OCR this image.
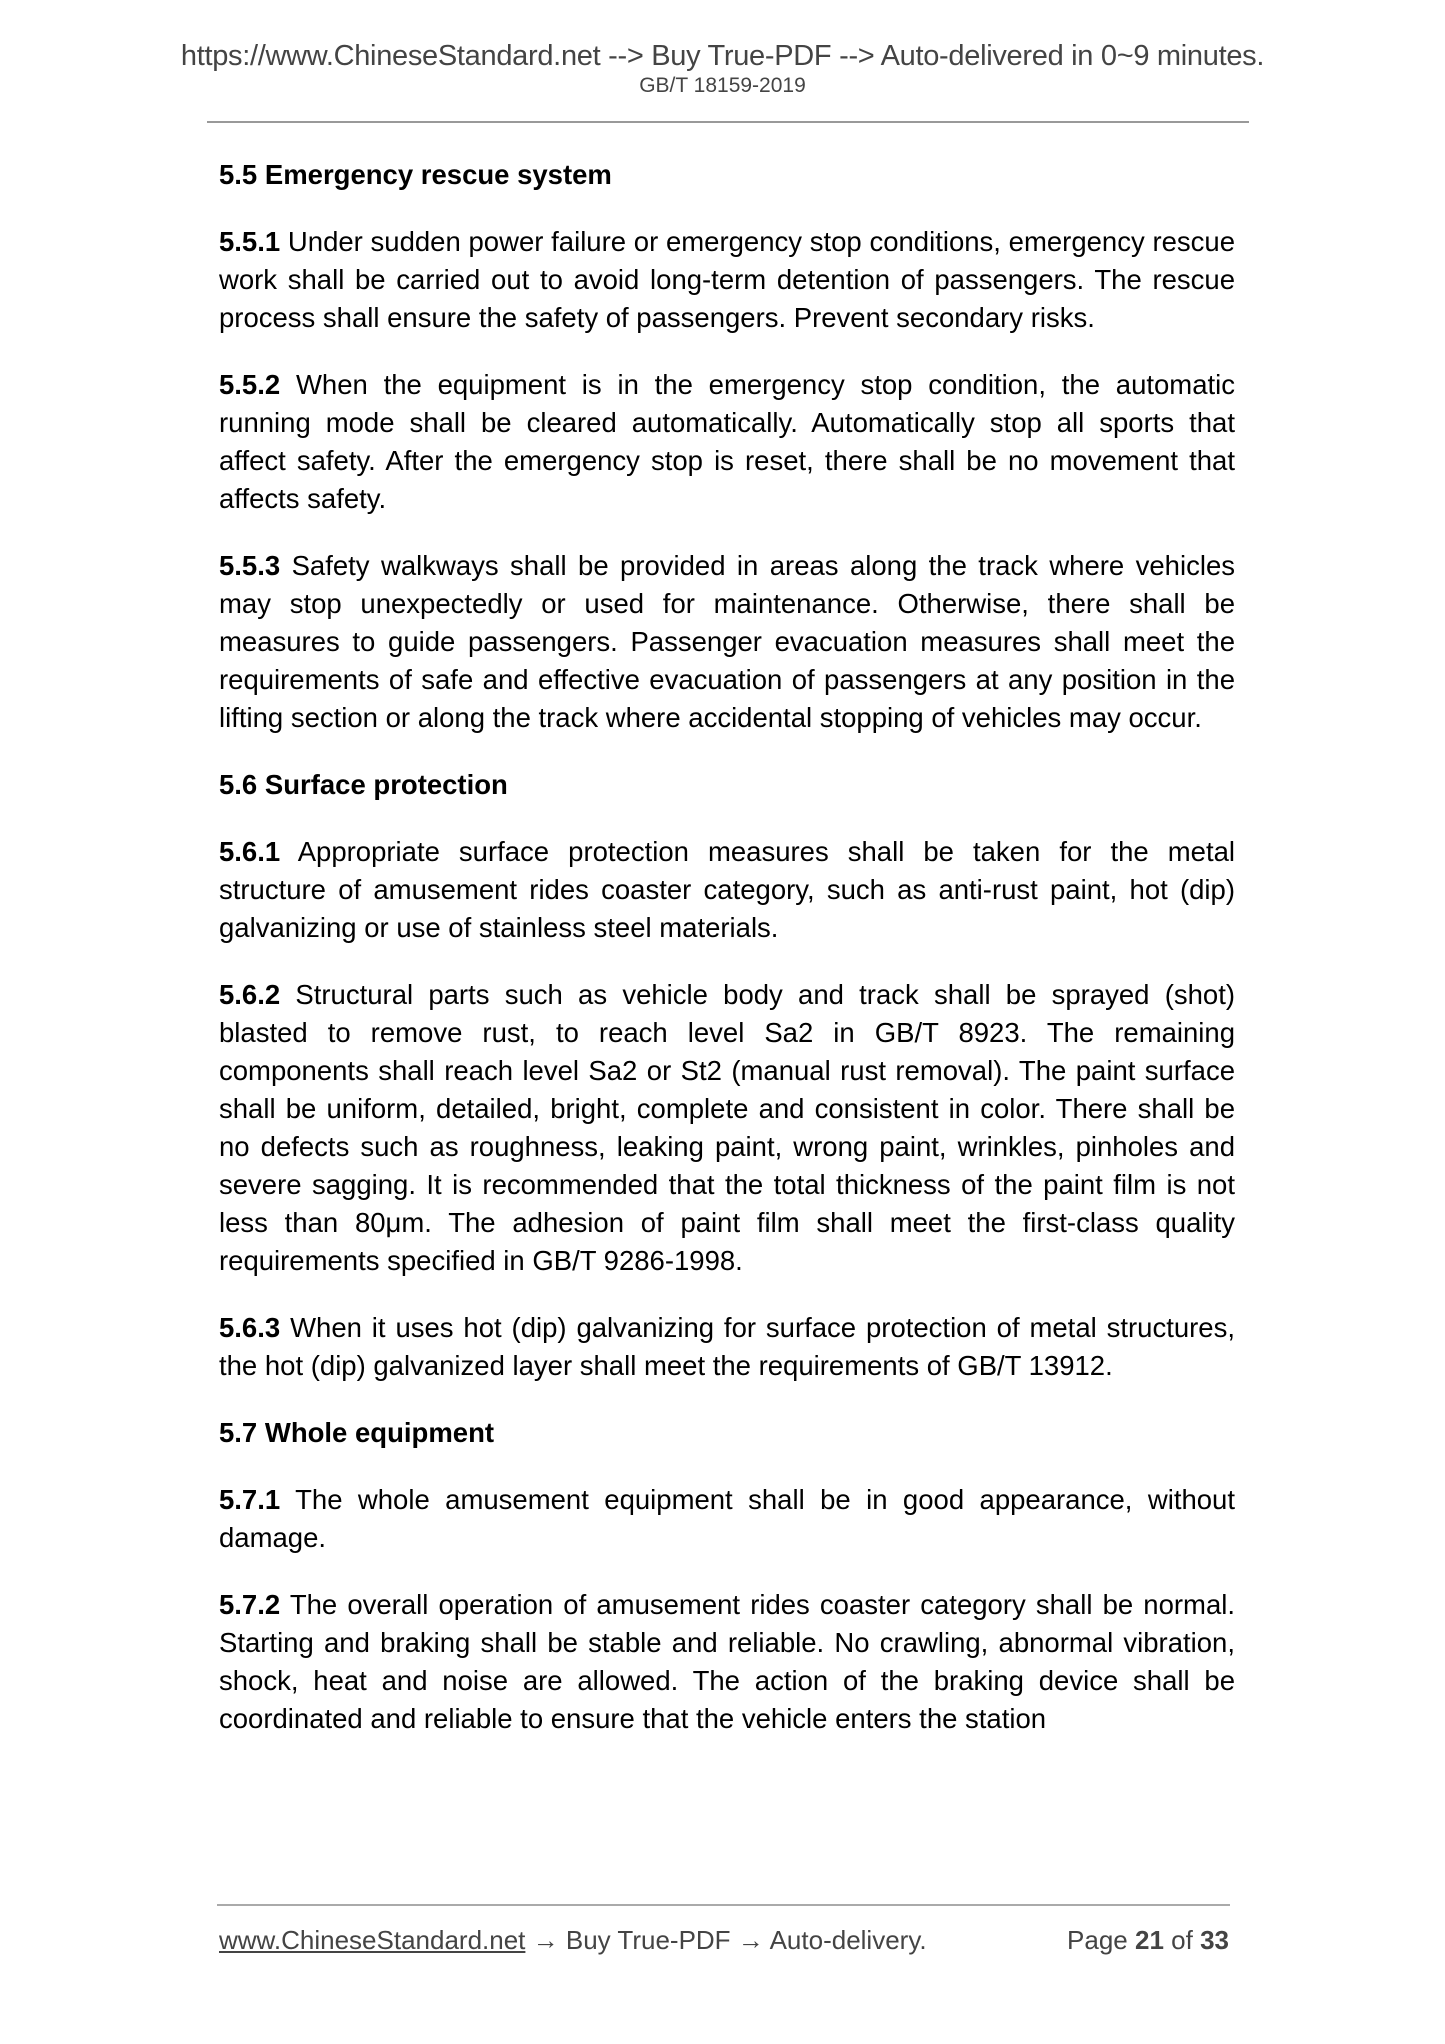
https://www.ChineseStandard.net --> Buy True-PDF --> Auto-delivered in 0~9 minutes.
GB/T 18159-2019
5.5 Emergency rescue system

5.5.1 Under sudden power failure or emergency stop conditions, emergency rescue work shall be carried out to avoid long-term detention of passengers. The rescue process shall ensure the safety of passengers. Prevent secondary risks.

5.5.2 When the equipment is in the emergency stop condition, the automatic running mode shall be cleared automatically. Automatically stop all sports that affect safety. After the emergency stop is reset, there shall be no movement that affects safety.

5.5.3 Safety walkways shall be provided in areas along the track where vehicles may stop unexpectedly or used for maintenance. Otherwise, there shall be measures to guide passengers. Passenger evacuation measures shall meet the requirements of safe and effective evacuation of passengers at any position in the lifting section or along the track where accidental stopping of vehicles may occur.

5.6 Surface protection

5.6.1 Appropriate surface protection measures shall be taken for the metal structure of amusement rides coaster category, such as anti-rust paint, hot (dip) galvanizing or use of stainless steel materials.

5.6.2 Structural parts such as vehicle body and track shall be sprayed (shot) blasted to remove rust, to reach level Sa2 in GB/T 8923. The remaining components shall reach level Sa2 or St2 (manual rust removal). The paint surface shall be uniform, detailed, bright, complete and consistent in color. There shall be no defects such as roughness, leaking paint, wrong paint, wrinkles, pinholes and severe sagging. It is recommended that the total thickness of the paint film is not less than 80μm. The adhesion of paint film shall meet the first-class quality requirements specified in GB/T 9286-1998.

5.6.3 When it uses hot (dip) galvanizing for surface protection of metal structures, the hot (dip) galvanized layer shall meet the requirements of GB/T 13912.

5.7 Whole equipment

5.7.1 The whole amusement equipment shall be in good appearance, without damage.

5.7.2 The overall operation of amusement rides coaster category shall be normal. Starting and braking shall be stable and reliable. No crawling, abnormal vibration, shock, heat and noise are allowed. The action of the braking device shall be coordinated and reliable to ensure that the vehicle enters the station

www.ChineseStandard.net → Buy True-PDF → Auto-delivery.	Page 21 of 33
